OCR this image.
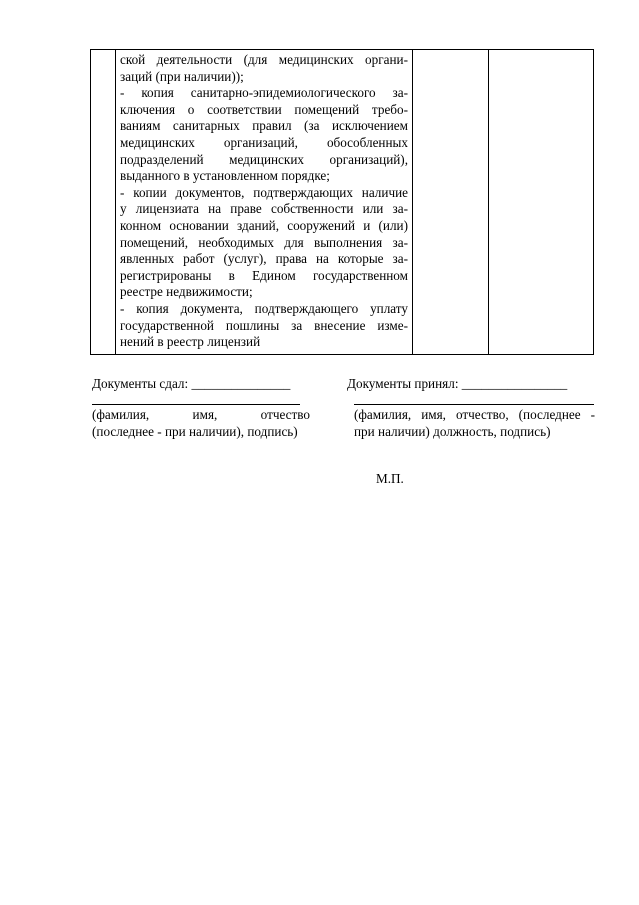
ской деятельности (для медицинских органи-
заций (при наличии));
- копия санитарно-эпидемиологического за-
ключения о соответствии помещений требо-
ваниям санитарных правил (за исключением
медицинских организаций, обособленных
подразделений медицинских организаций),
выданного в установленном порядке;
- копии документов, подтверждающих наличие
у лицензиата на праве собственности или за-
конном основании зданий, сооружений и (или)
помещений, необходимых для выполнения за-
явленных работ (услуг), права на которые за-
регистрированы в Едином государственном
реестре недвижимости;
- копия документа, подтверждающего уплату
государственной пошлины за внесение изме-
нений в реестр лицензий

Документы сдал: _______________	Документы принял: ________________
(фамилия, имя, отчество
(последнее - при наличии), подпись)
(фамилия, имя, отчество, (последнее -
при наличии) должность, подпись)
М.П.
